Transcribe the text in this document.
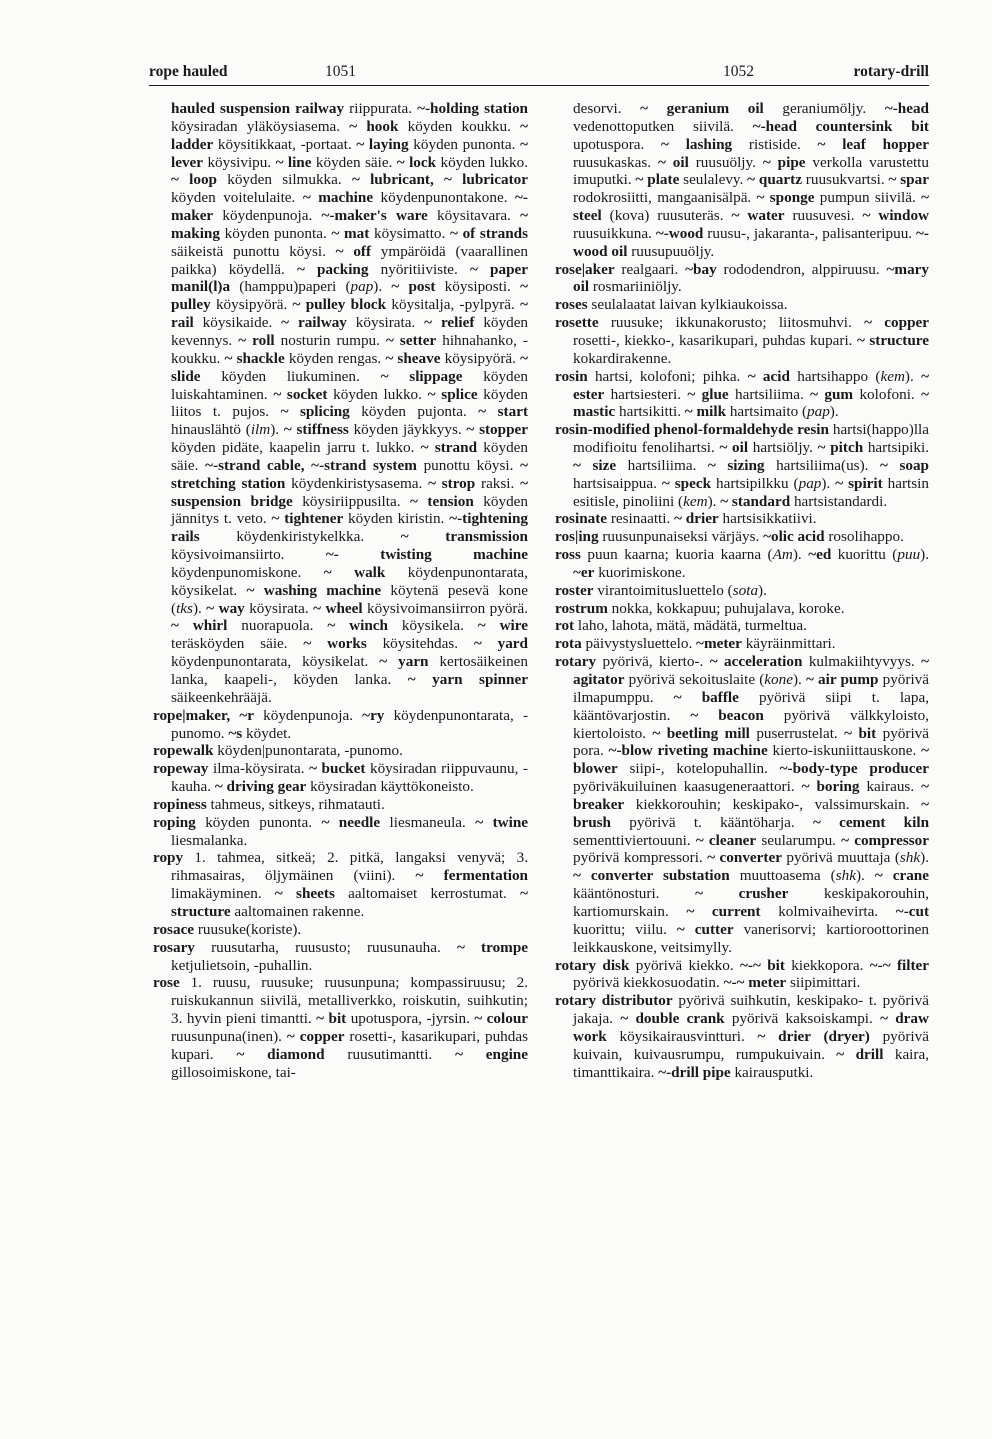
rope hauled	1051	1052	rotary-drill

hauled suspension railway riippurata. ~-holding station köysiradan yläköysiasema. ~ hook köyden koukku. ~ ladder köysitikkaat, -portaat. ~ laying köyden punonta. ~ lever köysivipu. ~ line köyden säie. ~ lock köyden lukko. ~ loop köyden silmukka. ~ lubricant, ~ lubricator köyden voitelulaite. ~ machine köydenpunontakone. ~-maker köydenpunoja. ~-maker's ware köysitavara. ~ making köyden punonta. ~ mat köysimatto. ~ of strands säikeistä punottu köysi. ~ off ympäröidä (vaarallinen paikka) köydellä. ~ packing nyöritiiviste. ~ paper manil(l)a (hamppu)paperi (pap). ~ post köysiposti. ~ pulley köysipyörä. ~ pulley block köysitalja, -pylpyrä. ~ rail köysikaide. ~ railway köysirata. ~ relief köyden kevennys. ~ roll nosturin rumpu. ~ setter hihnahanko, -koukku. ~ shackle köyden rengas. ~ sheave köysipyörä. ~ slide köyden liukuminen. ~ slippage köyden luiskahtaminen. ~ socket köyden lukko. ~ splice köyden liitos t. pujos. ~ splicing köyden pujonta. ~ start hinauslähtö (ilm). ~ stiffness köyden jäykkyys. ~ stopper köyden pidäte, kaapelin jarru t. lukko. ~ strand köyden säie. ~-strand cable, ~-strand system punottu köysi. ~ stretching station köydenkiristysasema. ~ strop raksi. ~ suspension bridge köysiriippusilta. ~ tension köyden jännitys t. veto. ~ tightener köyden kiristin. ~-tightening rails köydenkiristykelkka. ~ transmission köysivoimansiirto. ~- twisting machine köydenpunomiskone. ~ walk köydenpunontarata, köysikelat. ~ washing machine köytenä pesevä kone (tks). ~ way köysirata. ~ wheel köysivoimansiirron pyörä. ~ whirl nuorapuola. ~ winch köysikela. ~ wire teräsköyden säie. ~ works köysitehdas. ~ yard köydenpunontarata, köysikelat. ~ yarn kertosäikeinen lanka, kaapeli-, köyden lanka. ~ yarn spinner säikeenkehrääjä.

rope|maker, ~r köydenpunoja. ~ry köydenpunontarata, -punomo. ~s köydet.

ropewalk köyden|punontarata, -punomo.

ropeway ilma-köysirata. ~ bucket köysiradan riippuvaunu, -kauha. ~ driving gear köysiradan käyttökoneisto.

ropiness tahmeus, sitkeys, rihmatauti.

roping köyden punonta. ~ needle liesmaneula. ~ twine liesmalanka.

ropy 1. tahmea, sitkeä; 2. pitkä, langaksi venyvä; 3. rihmasairas, öljymäinen (viini). ~ fermentation limakäyminen. ~ sheets aaltomaiset kerrostumat. ~ structure aaltomainen rakenne.

rosace ruusuke(koriste).

rosary ruusutarha, ruususto; ruusunauha. ~ trompe ketjulietsoin, -puhallin.

rose 1. ruusu, ruusuke; ruusunpuna; kompassiruusu; 2. ruiskukannun siivilä, metalliverkko, roiskutin, suihkutin; 3. hyvin pieni timantti. ~ bit upotuspora, -jyrsin. ~ colour ruusunpuna(inen). ~ copper rosetti-, kasarikupari, puhdas kupari. ~ diamond ruusutimantti. ~ engine gillosoimiskone, tai-

desorvi. ~ geranium oil geraniumöljy. ~-head vedenottoputken siivilä. ~-head countersink bit upotuspora. ~ lashing ristiside. ~ leaf hopper ruusukaskas. ~ oil ruusuöljy. ~ pipe verkolla varustettu imuputki. ~ plate seulalevy. ~ quartz ruusukvartsi. ~ spar rodokrosiitti, mangaanisälpä. ~ sponge pumpun siivilä. ~ steel (kova) ruusuteräs. ~ water ruusuvesi. ~ window ruusuikkuna. ~-wood ruusu-, jakaranta-, palisanteripuu. ~-wood oil ruusupuuöljy.

rose|aker realgaari. ~bay rododendron, alppiruusu. ~mary oil rosmariiniöljy.

roses seulalaatat laivan kylkiaukoissa.

rosette ruusuke; ikkunakorusto; liitosmuhvi. ~ copper rosetti-, kiekko-, kasarikupari, puhdas kupari. ~ structure kokardirakenne.

rosin hartsi, kolofoni; pihka. ~ acid hartsihappo (kem). ~ ester hartsiesteri. ~ glue hartsiliima. ~ gum kolofoni. ~ mastic hartsikitti. ~ milk hartsimaito (pap).

rosin-modified phenol-formaldehyde resin hartsi(happo)lla modifioitu fenolihartsi. ~ oil hartsiöljy. ~ pitch hartsipiki. ~ size hartsiliima. ~ sizing hartsiliima(us). ~ soap hartsisaippua. ~ speck hartsipilkku (pap). ~ spirit hartsin esitisle, pinoliini (kem). ~ standard hartsistandardi.

rosinate resinaatti. ~ drier hartsisikkatiivi.

ros|ing ruusunpunaiseksi värjäys. ~olic acid rosolihappo.

ross puun kaarna; kuoria kaarna (Am). ~ed kuorittu (puu). ~er kuorimiskone.

roster virantoimitusluettelo (sota).

rostrum nokka, kokkapuu; puhujalava, koroke.

rot laho, lahota, mätä, mädätä, turmeltua.

rota päivystysluettelo. ~meter käyräinmittari.

rotary pyörivä, kierto-. ~ acceleration kulmakiihtyvyys. ~ agitator pyörivä sekoituslaite (kone). ~ air pump pyörivä ilmapumppu. ~ baffle pyörivä siipi t. lapa, kääntövarjostin. ~ beacon pyörivä välkkyloisto, kiertoloisto. ~ beetling mill puserrustelat. ~ bit pyörivä pora. ~-blow riveting machine kierto-iskuniittauskone. ~ blower siipi-, kotelopuhallin. ~-body-type producer pyöriväkuiluinen kaasugeneraattori. ~ boring kairaus. ~ breaker kiekkorouhin; keskipako-, valssimurskain. ~ brush pyörivä t. kääntöharja. ~ cement kiln sementtiviertouuni. ~ cleaner seularumpu. ~ compressor pyörivä kompressori. ~ converter pyörivä muuttaja (shk). ~ converter substation muuttoasema (shk). ~ crane kääntönosturi. ~ crusher keskipakorouhin, kartiomurskain. ~ current kolmivaihevirta. ~-cut kuorittu; viilu. ~ cutter vanerisorvi; kartioroottorinen leikkauskone, veitsimylly.

rotary disk pyörivä kiekko. ~-~ bit kiekkopora. ~-~ filter pyörivä kiekkosuodatin. ~-~ meter siipimittari.

rotary distributor pyörivä suihkutin, keskipako- t. pyörivä jakaja. ~ double crank pyörivä kaksoiskampi. ~ draw work köysikairausvintturi. ~ drier (dryer) pyörivä kuivain, kuivausrumpu, rumpukuivain. ~ drill kaira, timanttikaira. ~-drill pipe kairausputki.
